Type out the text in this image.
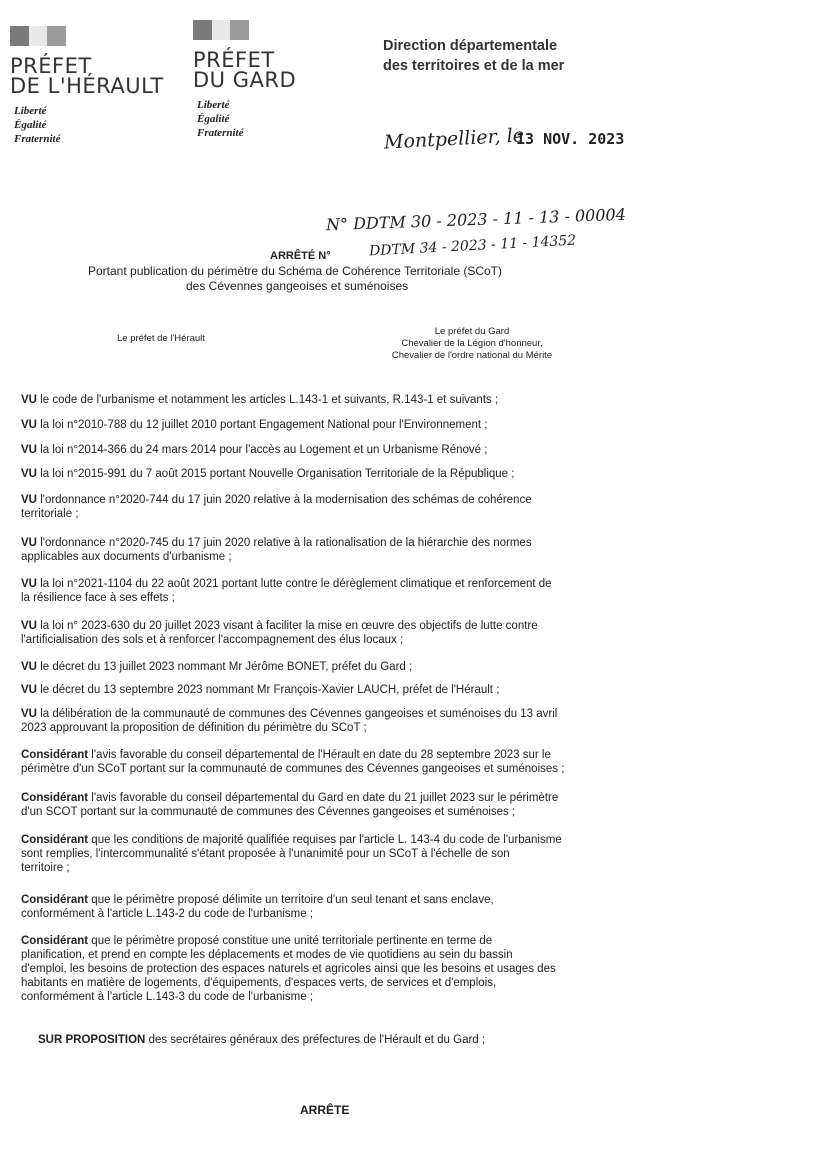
PRÉFET
DE L'HÉRAULT
Liberté
Égalité
Fraternité
PRÉFET
DU GARD
Liberté
Égalité
Fraternité
Direction départementale
des territoires et de la mer
Montpellier, le
13 NOV. 2023
N° DDTM 30 - 2023 - 11 - 13 - 00004
ARRÊTÉ N°	DDTM 34 - 2023 - 11 - 14352
Portant publication du périmètre du Schéma de Cohérence Territoriale (SCoT)
des Cévennes gangeoises et suménoises
Le préfet de l'Hérault
Le préfet du Gard
Chevalier de la Légion d'honneur,
Chevalier de l'ordre national du Mérite
VU le code de l'urbanisme et notamment les articles L.143-1 et suivants, R.143-1 et suivants ;
VU la loi n°2010-788 du 12 juillet 2010 portant Engagement National pour l'Environnement ;
VU la loi n°2014-366 du 24 mars 2014 pour l'accès au Logement et un Urbanisme Rénové ;
VU la loi n°2015-991 du 7 août 2015 portant Nouvelle Organisation Territoriale de la République ;
VU l'ordonnance n°2020-744 du 17 juin 2020 relative à la modernisation des schémas de cohérence
territoriale ;
VU l'ordonnance n°2020-745 du 17 juin 2020 relative à la rationalisation de la hiérarchie des normes
applicables aux documents d'urbanisme ;
VU la loi n°2021-1104 du 22 août 2021 portant lutte contre le dérèglement climatique et renforcement de
la résilience face à ses effets ;
VU la loi n° 2023-630 du 20 juillet 2023 visant à faciliter la mise en œuvre des objectifs de lutte contre
l'artificialisation des sols et à renforcer l'accompagnement des élus locaux ;
VU le décret du 13 juillet 2023 nommant Mr Jérôme BONET, préfet du Gard ;
VU le décret du 13 septembre 2023 nommant Mr François-Xavier LAUCH, préfet de l'Hérault ;
VU la délibération de la communauté de communes des Cévennes gangeoises et suménoises du 13 avril
2023 approuvant la proposition de définition du périmètre du SCoT ;
Considérant l'avis favorable du conseil départemental de l'Hérault en date du 28 septembre 2023 sur le
périmètre d'un SCoT portant sur la communauté de communes des Cévennes gangeoises et suménoises ;
Considérant l'avis favorable du conseil départemental du Gard en date du 21 juillet 2023 sur le périmètre
d'un SCOT portant sur la communauté de communes des Cévennes gangeoises et suménoises ;
Considérant que les conditions de majorité qualifiée requises par l'article L. 143-4 du code de l'urbanisme
sont remplies, l'intercommunalité s'étant proposée à l'unanimité pour un SCoT à l'échelle de son
territoire ;
Considérant que le périmètre proposé délimite un territoire d'un seul tenant et sans enclave,
conformément à l'article L.143-2 du code de l'urbanisme ;
Considérant que le périmètre proposé constitue une unité territoriale pertinente en terme de
planification, et prend en compte les déplacements et modes de vie quotidiens au sein du bassin
d'emploi, les besoins de protection des espaces naturels et agricoles ainsi que les besoins et usages des
habitants en matière de logements, d'équipements, d'espaces verts, de services et d'emplois,
conformément à l'article L.143-3 du code de l'urbanisme ;
SUR PROPOSITION des secrétaires généraux des préfectures de l'Hérault et du Gard ;
ARRÊTE
